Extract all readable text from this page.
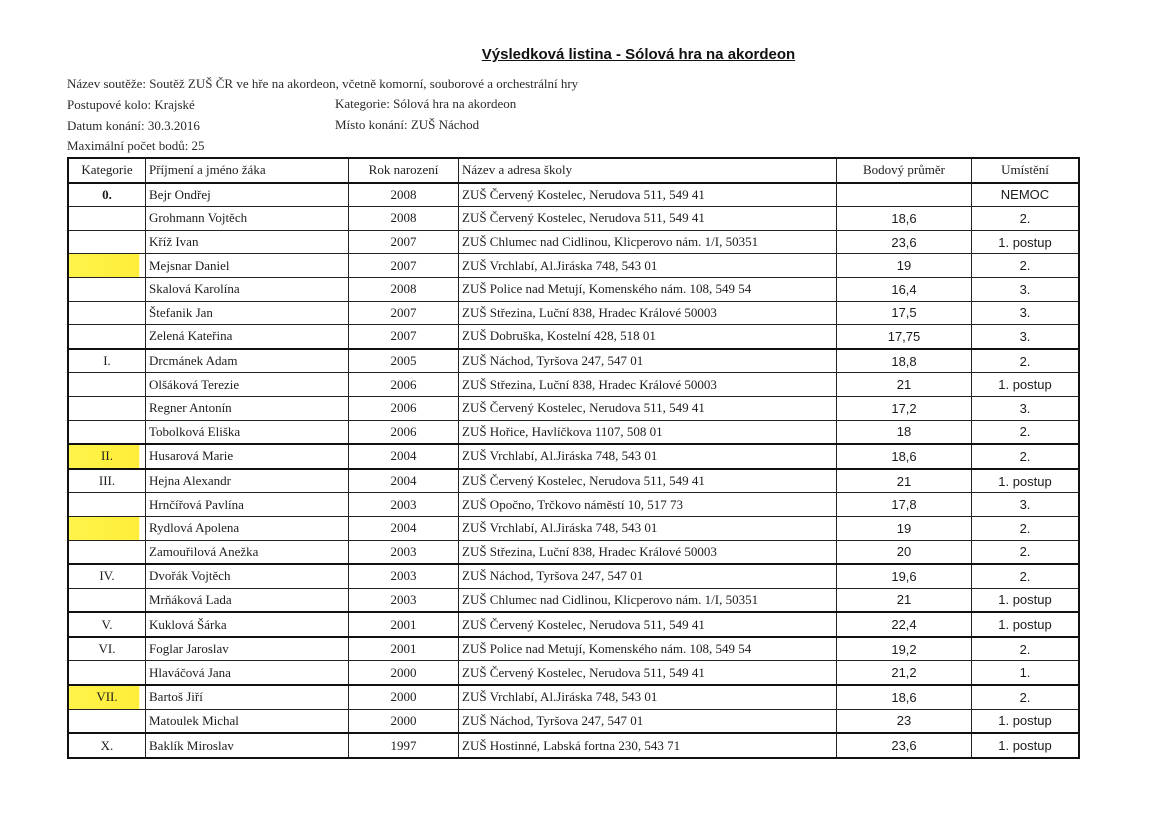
Výsledková listina - Sólová hra na akordeon
Název soutěže: Soutěž ZUŠ ČR ve hře na akordeon, včetně komorní, souborové a orchestrální hry
Postupové kolo: Krajské	Kategorie: Sólová hra na akordeon
Datum konání: 30.3.2016	Místo konání: ZUŠ Náchod
Maximální počet bodů: 25
Kategorie	Příjmení a jméno žáka	Rok narození	Název a adresa školy	Bodový průměr	Umístění
0.	Bejr Ondřej	2008	ZUŠ Červený Kostelec, Nerudova 511, 549 41		NEMOC
	Grohmann Vojtěch	2008	ZUŠ Červený Kostelec, Nerudova 511, 549 41	18,6	2.
	Kříž Ivan	2007	ZUŠ Chlumec nad Cidlinou, Klicperovo nám. 1/I, 50351	23,6	1. postup
	Mejsnar Daniel	2007	ZUŠ Vrchlabí, Al.Jiráska 748, 543 01	19	2.
	Skalová Karolína	2008	ZUŠ Police nad Metují, Komenského nám. 108, 549 54	16,4	3.
	Štefanik Jan	2007	ZUŠ Střezina, Luční 838, Hradec Králové 50003	17,5	3.
	Zelená Kateřina	2007	ZUŠ Dobruška, Kostelní 428, 518 01	17,75	3.
I.	Drcmánek Adam	2005	ZUŠ Náchod, Tyršova 247, 547 01	18,8	2.
	Olšáková Terezie	2006	ZUŠ Střezina, Luční 838, Hradec Králové 50003	21	1. postup
	Regner Antonín	2006	ZUŠ Červený Kostelec, Nerudova 511, 549 41	17,2	3.
	Tobolková Eliška	2006	ZUŠ Hořice, Havlíčkova 1107, 508 01	18	2.
II.	Husarová Marie	2004	ZUŠ Vrchlabí, Al.Jiráska 748, 543 01	18,6	2.
III.	Hejna Alexandr	2004	ZUŠ Červený Kostelec, Nerudova 511, 549 41	21	1. postup
	Hrnčířová Pavlína	2003	ZUŠ Opočno, Trčkovo náměstí 10, 517 73	17,8	3.
	Rydlová Apolena	2004	ZUŠ Vrchlabí, Al.Jiráska 748, 543 01	19	2.
	Zamouřilová Anežka	2003	ZUŠ Střezina, Luční 838, Hradec Králové 50003	20	2.
IV.	Dvořák Vojtěch	2003	ZUŠ Náchod, Tyršova 247, 547 01	19,6	2.
	Mrňáková Lada	2003	ZUŠ Chlumec nad Cidlinou, Klicperovo nám. 1/I, 50351	21	1. postup
V.	Kuklová Šárka	2001	ZUŠ Červený Kostelec, Nerudova 511, 549 41	22,4	1. postup
VI.	Foglar Jaroslav	2001	ZUŠ Police nad Metují, Komenského nám. 108, 549 54	19,2	2.
	Hlaváčová Jana	2000	ZUŠ Červený Kostelec, Nerudova 511, 549 41	21,2	1.
VII.	Bartoš Jiří	2000	ZUŠ Vrchlabí, Al.Jiráska 748, 543 01	18,6	2.
	Matoulek Michal	2000	ZUŠ Náchod, Tyršova 247, 547 01	23	1. postup
X.	Baklík Miroslav	1997	ZUŠ Hostinné, Labská fortna 230, 543 71	23,6	1. postup
